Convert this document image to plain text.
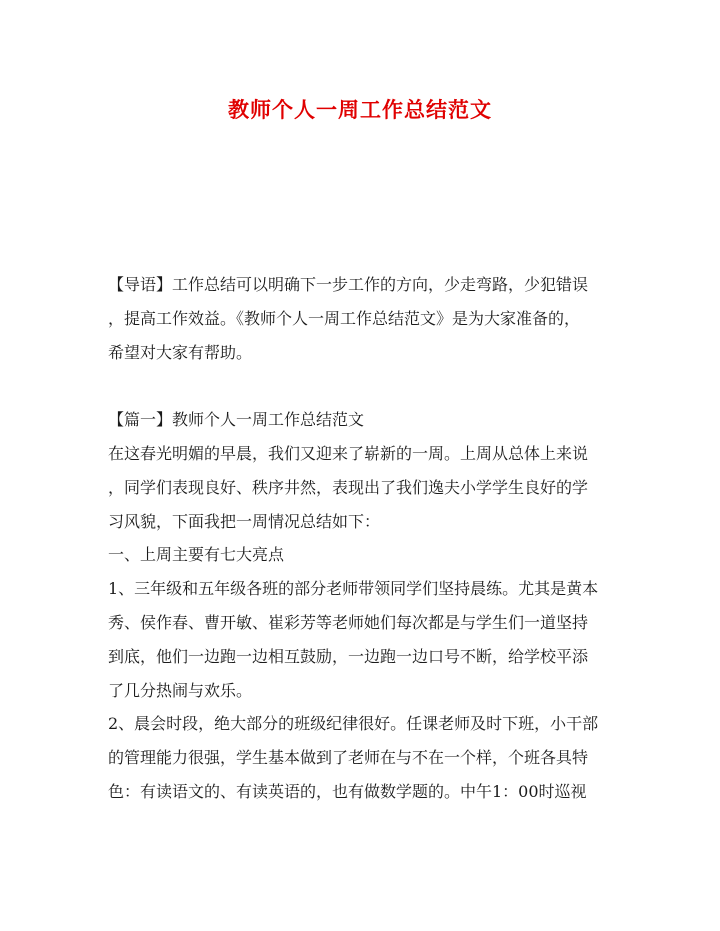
教师个人一周工作总结范文
【导语】工作总结可以明确下一步工作的方向，少走弯路，少犯错误
，提高工作效益。《教师个人一周工作总结范文》是为大家准备的，
希望对大家有帮助。
【篇一】教师个人一周工作总结范文
在这春光明媚的早晨，我们又迎来了崭新的一周。上周从总体上来说
，同学们表现良好、秩序井然，表现出了我们逸夫小学学生良好的学
习风貌，下面我把一周情况总结如下：
一、上周主要有七大亮点
1、三年级和五年级各班的部分老师带领同学们坚持晨练。尤其是黄本
秀、侯作春、曹开敏、崔彩芳等老师她们每次都是与学生们一道坚持
到底，他们一边跑一边相互鼓励，一边跑一边口号不断，给学校平添
了几分热闹与欢乐。
2、晨会时段，绝大部分的班级纪律很好。任课老师及时下班，小干部
的管理能力很强，学生基本做到了老师在与不在一个样，个班各具特
色：有读语文的、有读英语的，也有做数学题的。中午1：00时巡视
